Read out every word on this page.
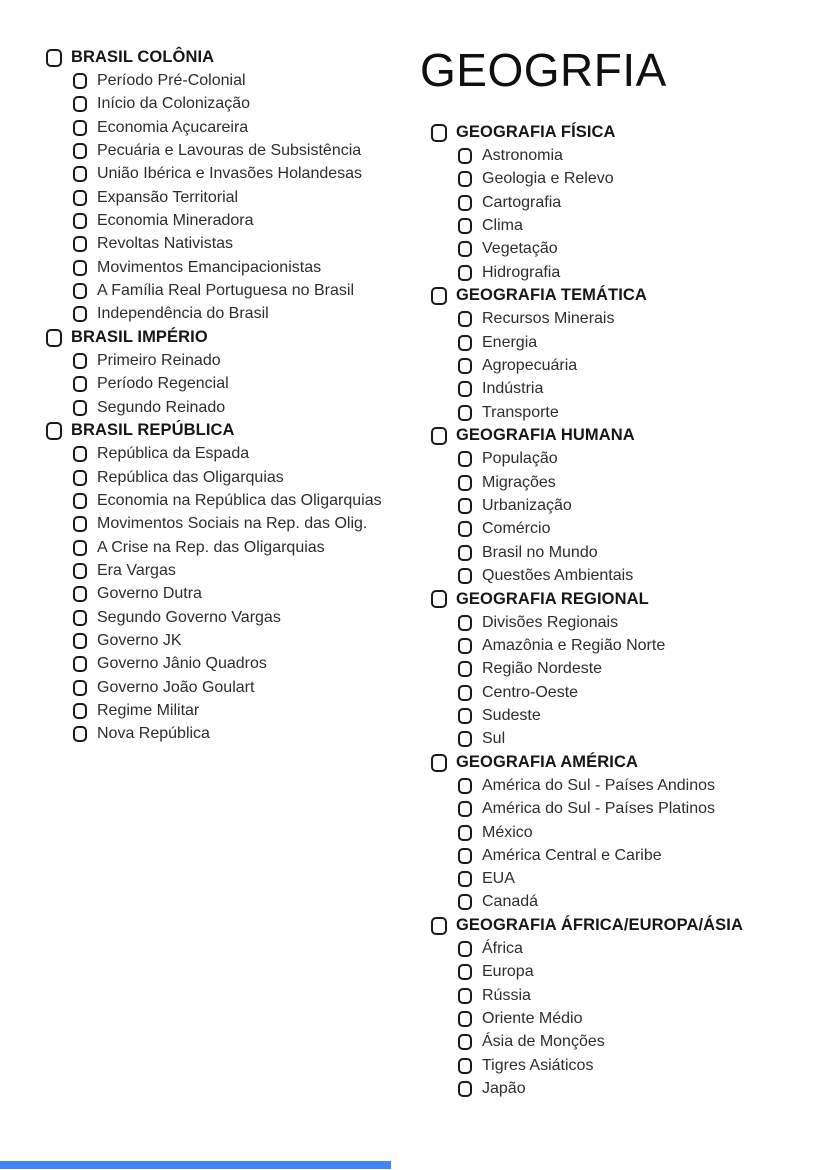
GEOGRFIA
BRASIL COLÔNIA
Período Pré-Colonial
Início da Colonização
Economia Açucareira
Pecuária e Lavouras de Subsistência
União Ibérica e Invasões Holandesas
Expansão Territorial
Economia Mineradora
Revoltas Nativistas
Movimentos Emancipacionistas
A Família Real Portuguesa no Brasil
Independência do Brasil
BRASIL IMPÉRIO
Primeiro Reinado
Período Regencial
Segundo Reinado
BRASIL REPÚBLICA
República da Espada
República das Oligarquias
Economia na República das Oligarquias
Movimentos Sociais na Rep. das Olig.
A Crise na Rep. das Oligarquias
Era Vargas
Governo Dutra
Segundo Governo Vargas
Governo JK
Governo Jânio Quadros
Governo João Goulart
Regime Militar
Nova República
GEOGRAFIA FÍSICA
Astronomia
Geologia e Relevo
Cartografia
Clima
Vegetação
Hidrografia
GEOGRAFIA TEMÁTICA
Recursos Minerais
Energia
Agropecuária
Indústria
Transporte
GEOGRAFIA HUMANA
População
Migrações
Urbanização
Comércio
Brasil no Mundo
Questões Ambientais
GEOGRAFIA REGIONAL
Divisões Regionais
Amazônia e Região Norte
Região Nordeste
Centro-Oeste
Sudeste
Sul
GEOGRAFIA AMÉRICA
América do Sul - Países Andinos
América do Sul - Países Platinos
México
América Central e Caribe
EUA
Canadá
GEOGRAFIA ÁFRICA/EUROPA/ÁSIA
África
Europa
Rússia
Oriente Médio
Ásia de Monções
Tigres Asiáticos
Japão
